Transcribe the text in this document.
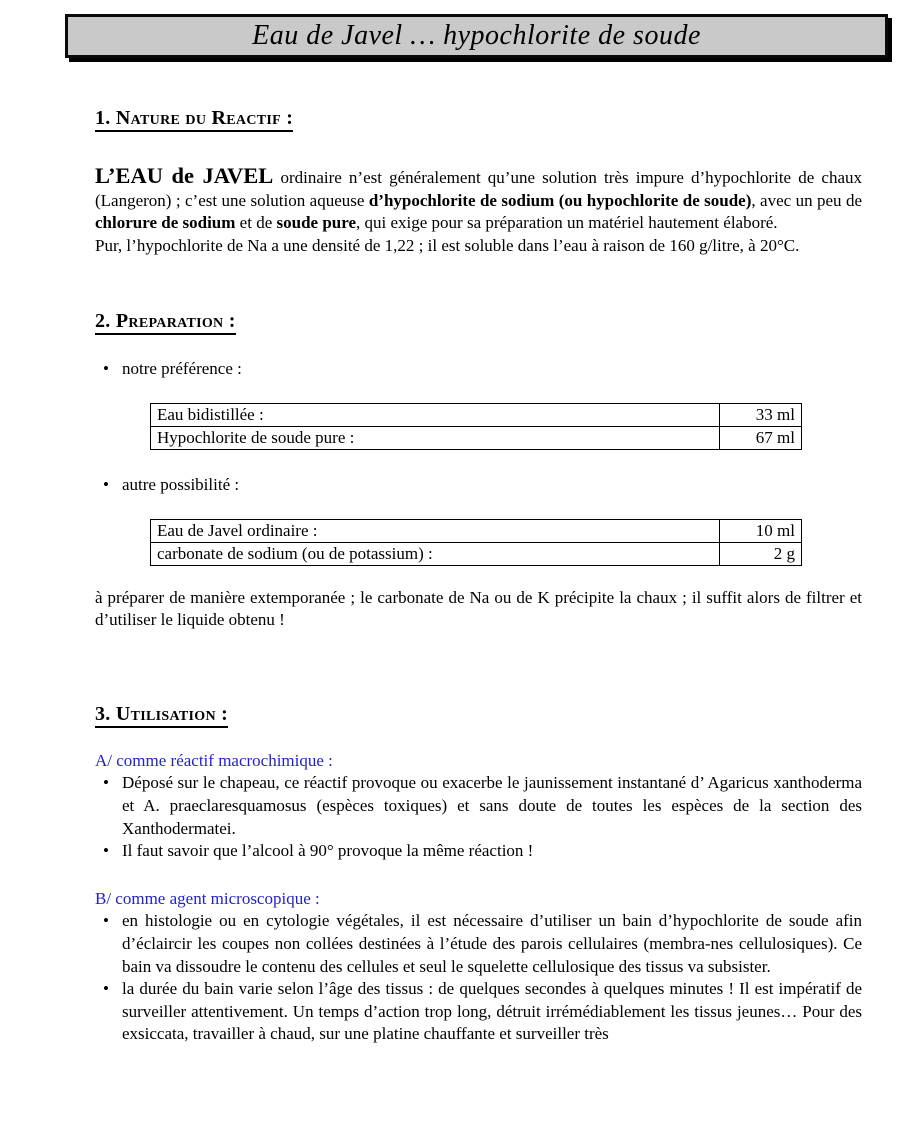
Eau de Javel … hypochlorite de soude
1. Nature du Reactif :

L’EAU de JAVEL ordinaire n’est généralement qu’une solution très impure d’hypochlorite de chaux (Langeron) ; c’est une solution aqueuse d’hypochlorite de sodium (ou hypochlorite de soude), avec un peu de chlorure de sodium et de soude pure, qui exige pour sa préparation un matériel hautement élaboré.

Pur, l’hypochlorite de Na a une densité de 1,22 ; il est soluble dans l’eau à raison de 160 g/litre, à 20°C.

2. Preparation :
• notre préférence :
Eau bidistillée :	33 ml
Hypochlorite de soude pure :	67 ml
• autre possibilité :
Eau de Javel ordinaire :	10 ml
carbonate de sodium (ou de potassium) :	2 g

à préparer de manière extemporanée ; le carbonate de Na ou de K précipite la chaux ; il suffit alors de filtrer et d’utiliser le liquide obtenu !

3. Utilisation :
A/ comme réactif macrochimique :
• Déposé sur le chapeau, ce réactif provoque ou exacerbe le jaunissement instantané d’ Agaricus xanthoderma et A. praeclaresquamosus (espèces toxiques) et sans doute de toutes les espèces de la section des Xanthodermatei.
• Il faut savoir que l’alcool à 90° provoque la même réaction !
B/ comme agent microscopique :
• en histologie ou en cytologie végétales, il est nécessaire d’utiliser un bain d’hypochlorite de soude afin d’éclaircir les coupes non collées destinées à l’étude des parois cellulaires (membra-nes cellulosiques). Ce bain va dissoudre le contenu des cellules et seul le squelette cellulosique des tissus va subsister.
• la durée du bain varie selon l’âge des tissus : de quelques secondes à quelques minutes ! Il est impératif de surveiller attentivement. Un temps d’action trop long, détruit irrémédiablement les tissus jeunes… Pour des exsiccata, travailler à chaud, sur une platine chauffante et surveiller très
